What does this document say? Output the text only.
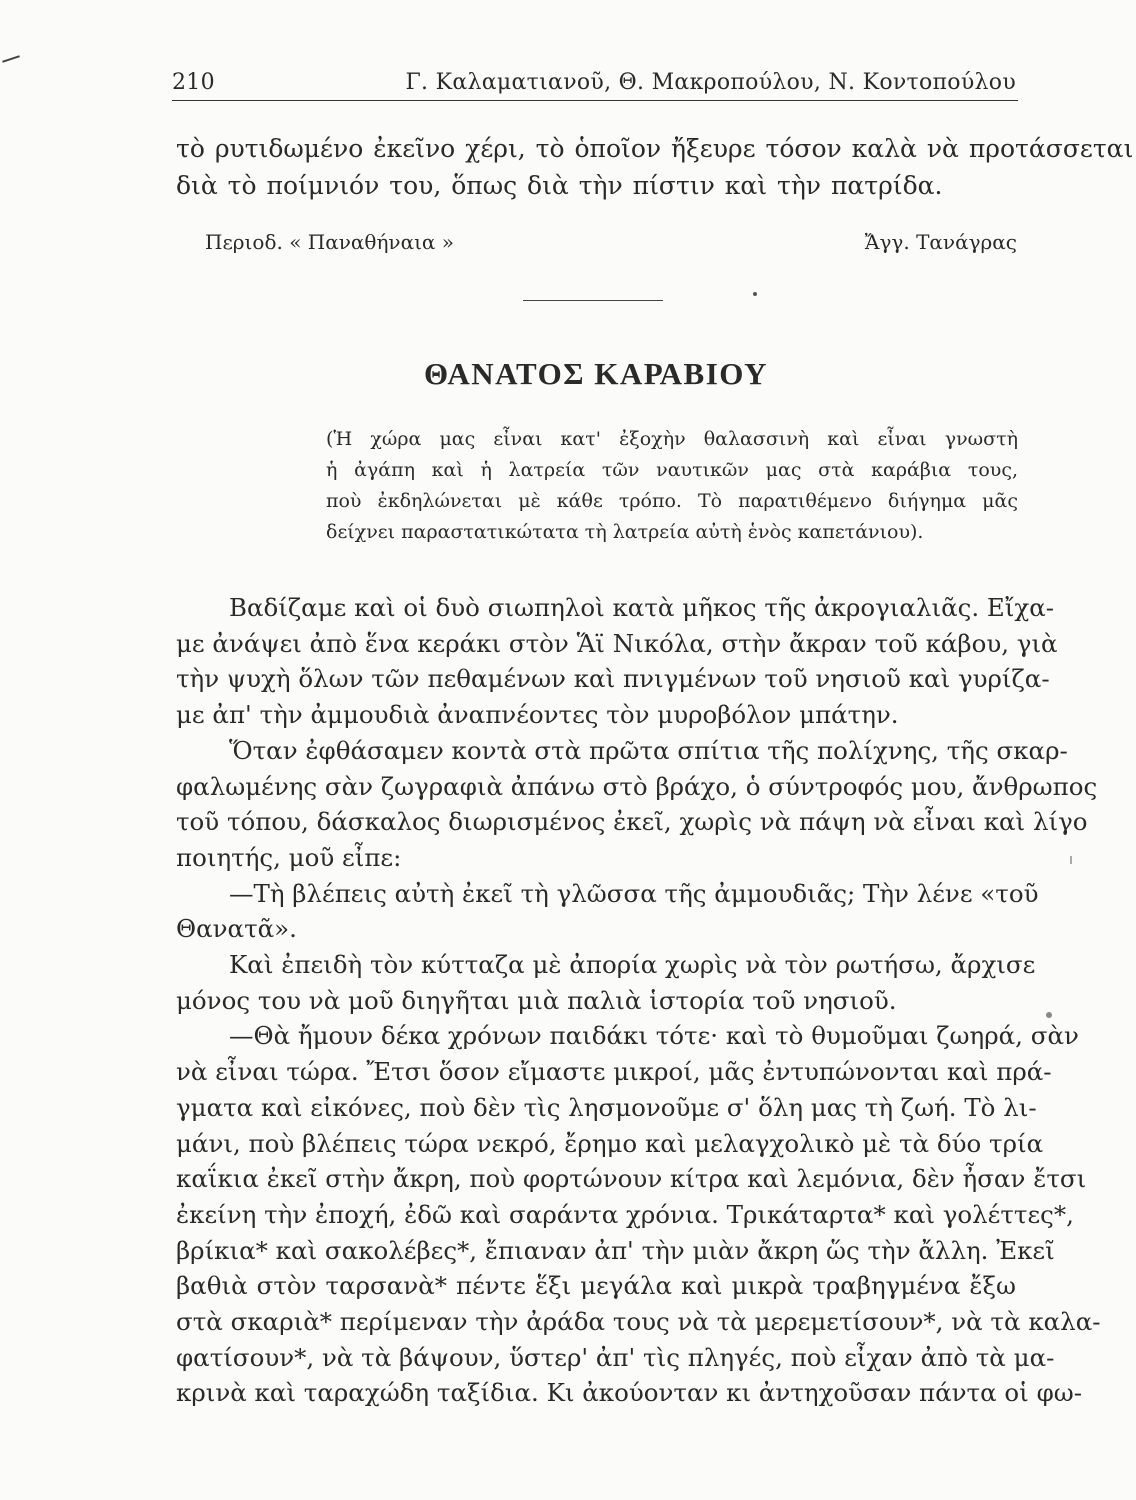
210	Γ. Καλαματιανοῦ, Θ. Μακροπούλου, Ν. Κοντοπούλου
τὸ ρυτιδωμένο ἐκεῖνο χέρι, τὸ ὁποῖον ἤξευρε τόσον καλὰ νὰ προτάσσεται
διὰ τὸ ποίμνιόν του, ὅπως διὰ τὴν πίστιν καὶ τὴν πατρίδα.
Περιοδ. « Παναθήναια »	Ἄγγ. Τανάγρας
ΘΑΝΑΤΟΣ ΚΑΡΑΒΙΟΥ
(Ἡ χώρα μας εἶναι κατ' ἐξοχὴν θαλασσινὴ καὶ εἶναι γνωστὴ
ἡ ἀγάπη καὶ ἡ λατρεία τῶν ναυτικῶν μας στὰ καράβια τους,
ποὺ ἐκδηλώνεται μὲ κάθε τρόπο. Τὸ παρατιθέμενο διήγημα μᾶς
δείχνει παραστατικώτατα τὴ λατρεία αὐτὴ ἑνὸς καπετάνιου).
Βαδίζαμε καὶ οἱ δυὸ σιωπηλοὶ κατὰ μῆκος τῆς ἀκρογιαλιᾶς. Εἴχα-
με ἀνάψει ἀπὸ ἕνα κεράκι στὸν Ἅϊ Νικόλα, στὴν ἄκραν τοῦ κάβου, γιὰ
τὴν ψυχὴ ὅλων τῶν πεθαμένων καὶ πνιγμένων τοῦ νησιοῦ καὶ γυρίζα-
με ἀπ' τὴν ἀμμουδιὰ ἀναπνέοντες τὸν μυροβόλον μπάτην.
Ὅταν ἐφθάσαμεν κοντὰ στὰ πρῶτα σπίτια τῆς πολίχνης, τῆς σκαρ-
φαλωμένης σὰν ζωγραφιὰ ἀπάνω στὸ βράχο, ὁ σύντροφός μου, ἄνθρωπος
τοῦ τόπου, δάσκαλος διωρισμένος ἐκεῖ, χωρὶς νὰ πάψη νὰ εἶναι καὶ λίγο
ποιητής, μοῦ εἶπε:
—Τὴ βλέπεις αὐτὴ ἐκεῖ τὴ γλῶσσα τῆς ἀμμουδιᾶς; Τὴν λένε «τοῦ
Θανατᾶ».
Καὶ ἐπειδὴ τὸν κύτταζα μὲ ἀπορία χωρὶς νὰ τὸν ρωτήσω, ἄρχισε
μόνος του νὰ μοῦ διηγῆται μιὰ παλιὰ ἱστορία τοῦ νησιοῦ.
—Θὰ ἤμουν δέκα χρόνων παιδάκι τότε· καὶ τὸ θυμοῦμαι ζωηρά, σὰν
νὰ εἶναι τώρα. Ἔτσι ὅσον εἴμαστε μικροί, μᾶς ἐντυπώνονται καὶ πρά-
γματα καὶ εἰκόνες, ποὺ δὲν τὶς λησμονοῦμε σ' ὅλη μας τὴ ζωή. Τὸ λι-
μάνι, ποὺ βλέπεις τώρα νεκρό, ἔρημο καὶ μελαγχολικὸ μὲ τὰ δύο τρία
καΐκια ἐκεῖ στὴν ἄκρη, ποὺ φορτώνουν κίτρα καὶ λεμόνια, δὲν ἦσαν ἔτσι
ἐκείνη τὴν ἐποχή, ἐδῶ καὶ σαράντα χρόνια. Τρικάταρτα* καὶ γολέττες*,
βρίκια* καὶ σακολέβες*, ἔπιαναν ἀπ' τὴν μιὰν ἄκρη ὥς τὴν ἄλλη. Ἐκεῖ
βαθιὰ στὸν ταρσανὰ* πέντε ἕξι μεγάλα καὶ μικρὰ τραβηγμένα ἔξω
στὰ σκαριὰ* περίμεναν τὴν ἀράδα τους νὰ τὰ μερεμετίσουν*, νὰ τὰ καλα-
φατίσουν*, νὰ τὰ βάψουν, ὕστερ' ἀπ' τὶς πληγές, ποὺ εἶχαν ἀπὸ τὰ μα-
κρινὰ καὶ ταραχώδη ταξίδια. Κι ἀκούονταν κι ἀντηχοῦσαν πάντα οἱ φω-
